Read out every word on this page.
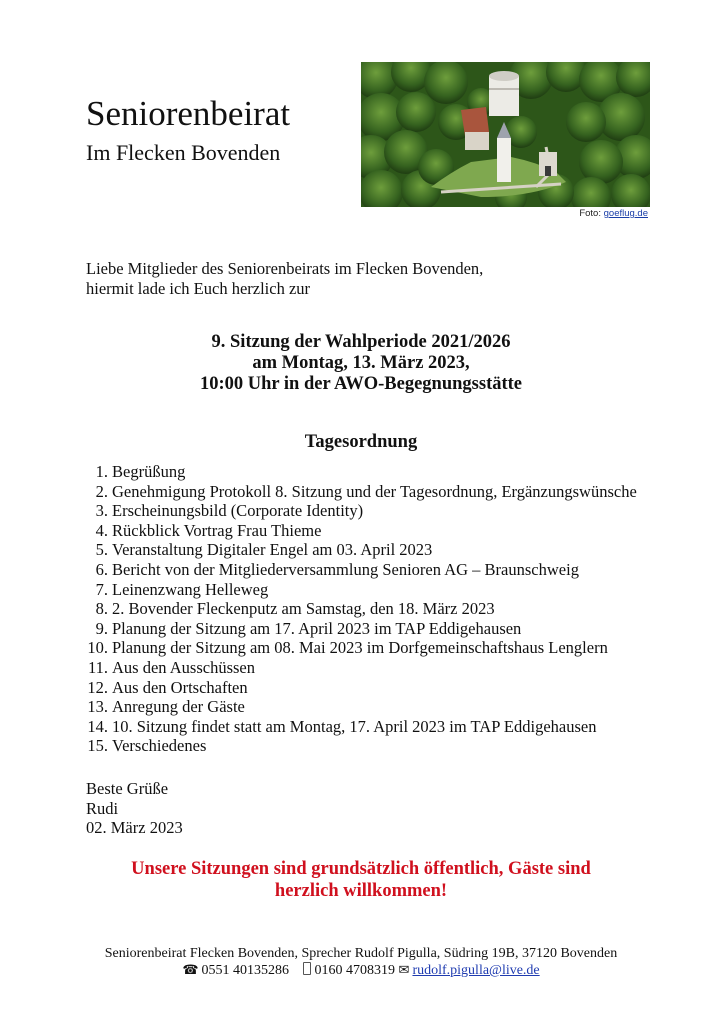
Seniorenbeirat
Im Flecken Bovenden
Foto: goeflug.de
Liebe Mitglieder des Seniorenbeirats im Flecken Bovenden,
hiermit lade ich Euch herzlich zur
9. Sitzung der Wahlperiode 2021/2026
am Montag, 13. März 2023,
10:00 Uhr in der AWO-Begegnungsstätte
Tagesordnung
1. Begrüßung
2. Genehmigung Protokoll 8. Sitzung und der Tagesordnung, Ergänzungswünsche
3. Erscheinungsbild (Corporate Identity)
4. Rückblick Vortrag Frau Thieme
5. Veranstaltung Digitaler Engel am 03. April 2023
6. Bericht von der Mitgliederversammlung Senioren AG – Braunschweig
7. Leinenzwang Helleweg
8. 2. Bovender Fleckenputz am Samstag, den 18. März 2023
9. Planung der Sitzung am 17. April 2023 im TAP Eddigehausen
10. Planung der Sitzung am 08. Mai 2023 im Dorfgemeinschaftshaus Lenglern
11. Aus den Ausschüssen
12. Aus den Ortschaften
13. Anregung der Gäste
14. 10. Sitzung findet statt am Montag, 17. April 2023 im TAP Eddigehausen
15. Verschiedenes
Beste Grüße
Rudi
02. März 2023
Unsere Sitzungen sind grundsätzlich öffentlich, Gäste sind
herzlich willkommen!
Seniorenbeirat Flecken Bovenden, Sprecher Rudolf Pigulla, Südring 19B, 37120 Bovenden
☎ 0551 40135286 0160 4708319 ✉ rudolf.pigulla@live.de
